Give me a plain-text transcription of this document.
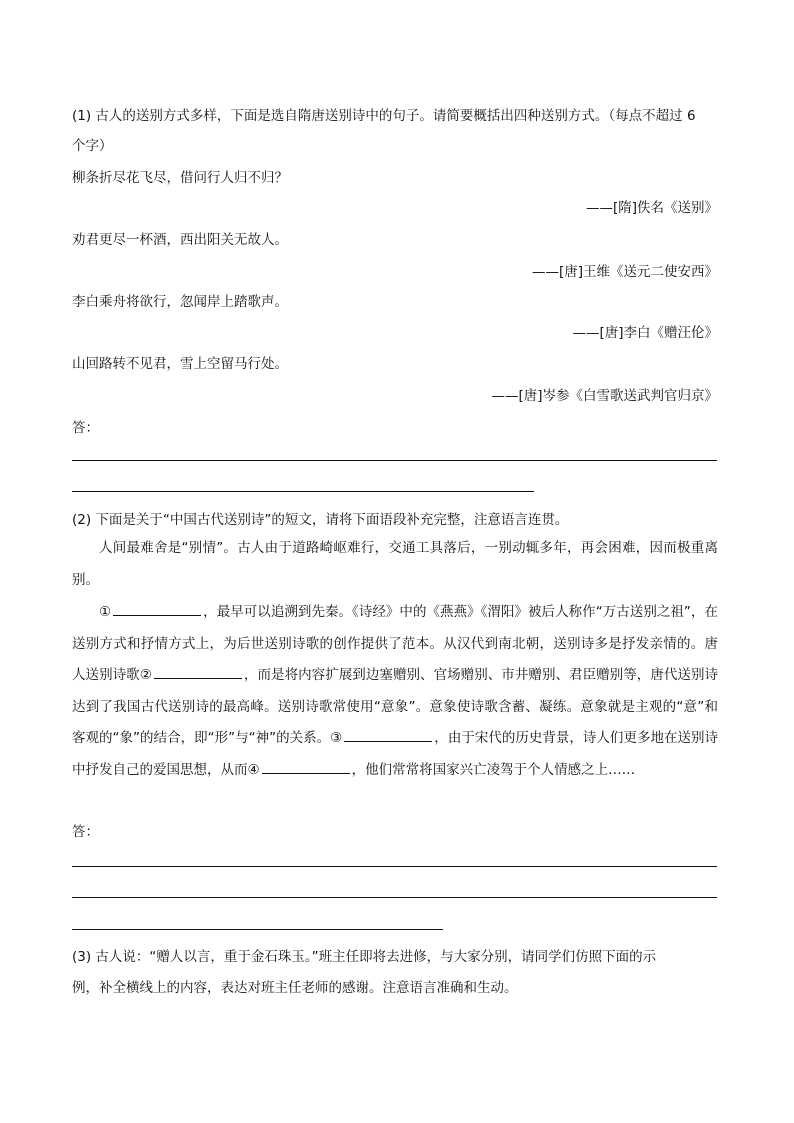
(1) 古人的送别方式多样，下面是选自隋唐送别诗中的句子。请简要概括出四种送别方式。（每点不超过 6
个字）
柳条折尽花飞尽，借问行人归不归？
——[隋]佚名《送别》
劝君更尽一杯酒，西出阳关无故人。
——[唐]王维《送元二使安西》
李白乘舟将欲行，忽闻岸上踏歌声。
——[唐]李白《赠汪伦》
山回路转不见君，雪上空留马行处。
——[唐]岑参《白雪歌送武判官归京》
答：
(2) 下面是关于“中国古代送别诗”的短文，请将下面语段补充完整，注意语言连贯。
人间最难舍是“别情”。古人由于道路崎岖难行，交通工具落后，一别动辄多年，再会困难，因而极重离别。
①	，最早可以追溯到先秦。《诗经》中的《燕燕》《渭阳》被后人称作“万古送别之祖”，在送别方式和抒情方式上，为后世送别诗歌的创作提供了范本。从汉代到南北朝，送别诗多是抒发亲情的。唐人送别诗歌②	，而是将内容扩展到边塞赠别、官场赠别、市井赠别、君臣赠别等，唐代送别诗达到了我国古代送别诗的最高峰。送别诗歌常使用“意象”。意象使诗歌含蓄、凝练。意象就是主观的“意”和客观的“象”的结合，即“形”与“神”的关系。③	，由于宋代的历史背景，诗人们更多地在送别诗中抒发自己的爱国思想，从而④	，他们常常将国家兴亡凌驾于个人情感之上……
答：
(3) 古人说：“赠人以言，重于金石珠玉。”班主任即将去进修，与大家分别，请同学们仿照下面的示
例，补全横线上的内容，表达对班主任老师的感谢。注意语言准确和生动。
